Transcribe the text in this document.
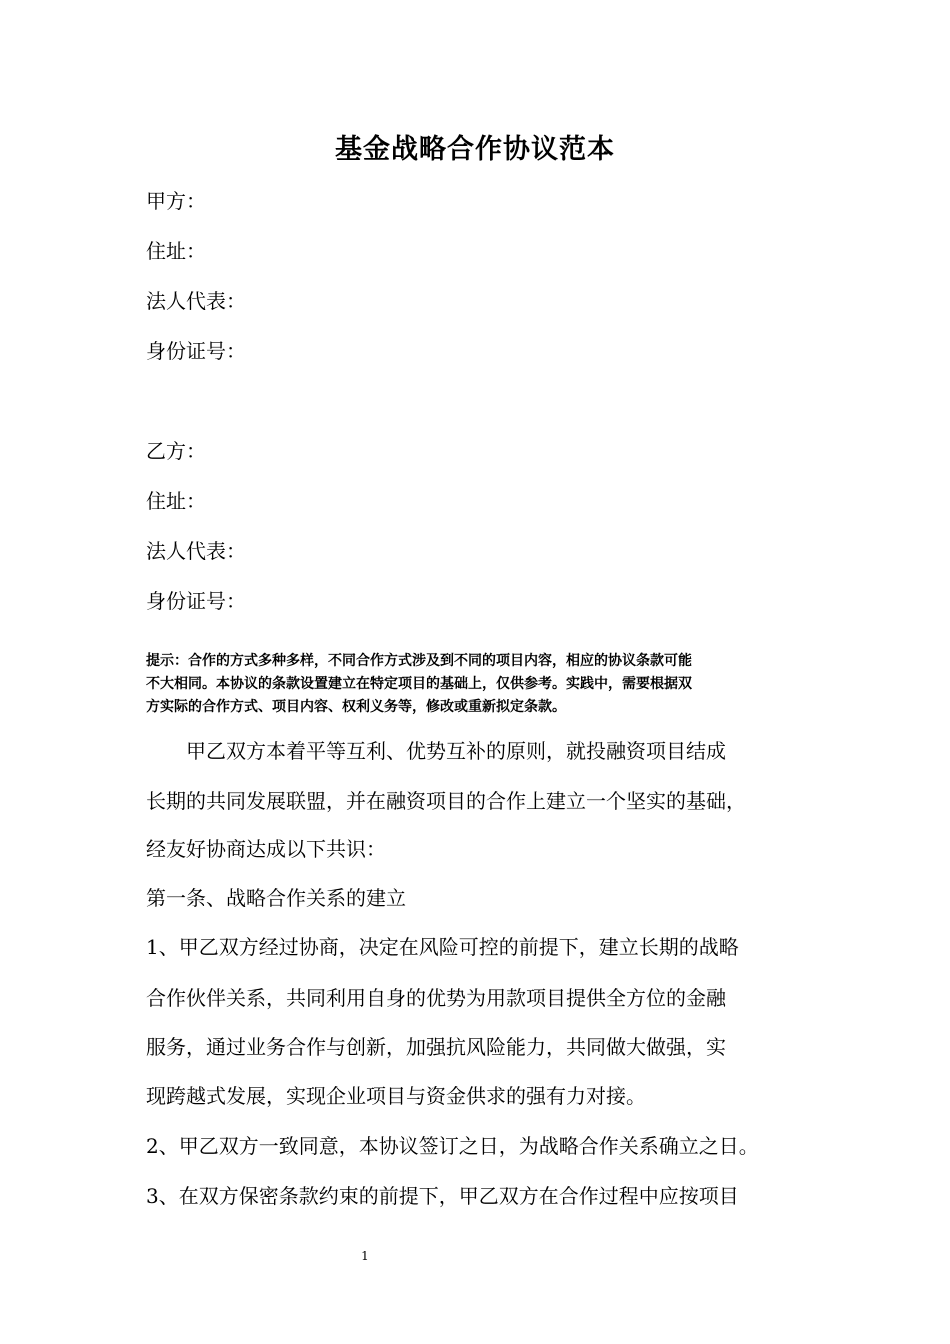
基金战略合作协议范本
甲方：
住址：
法人代表：
身份证号：
乙方：
住址：
法人代表：
身份证号：
提示：合作的方式多种多样，不同合作方式涉及到不同的项目内容，相应的协议条款可能
不大相同。本协议的条款设置建立在特定项目的基础上，仅供参考。实践中，需要根据双
方实际的合作方式、项目内容、权利义务等，修改或重新拟定条款。
甲乙双方本着平等互利、优势互补的原则，就投融资项目结成
长期的共同发展联盟，并在融资项目的合作上建立一个坚实的基础，
经友好协商达成以下共识：
第一条、战略合作关系的建立
1、甲乙双方经过协商，决定在风险可控的前提下，建立长期的战略
合作伙伴关系，共同利用自身的优势为用款项目提供全方位的金融
服务，通过业务合作与创新，加强抗风险能力，共同做大做强，实
现跨越式发展，实现企业项目与资金供求的强有力对接。
2、甲乙双方一致同意，本协议签订之日，为战略合作关系确立之日。
3、在双方保密条款约束的前提下，甲乙双方在合作过程中应按项目
1
